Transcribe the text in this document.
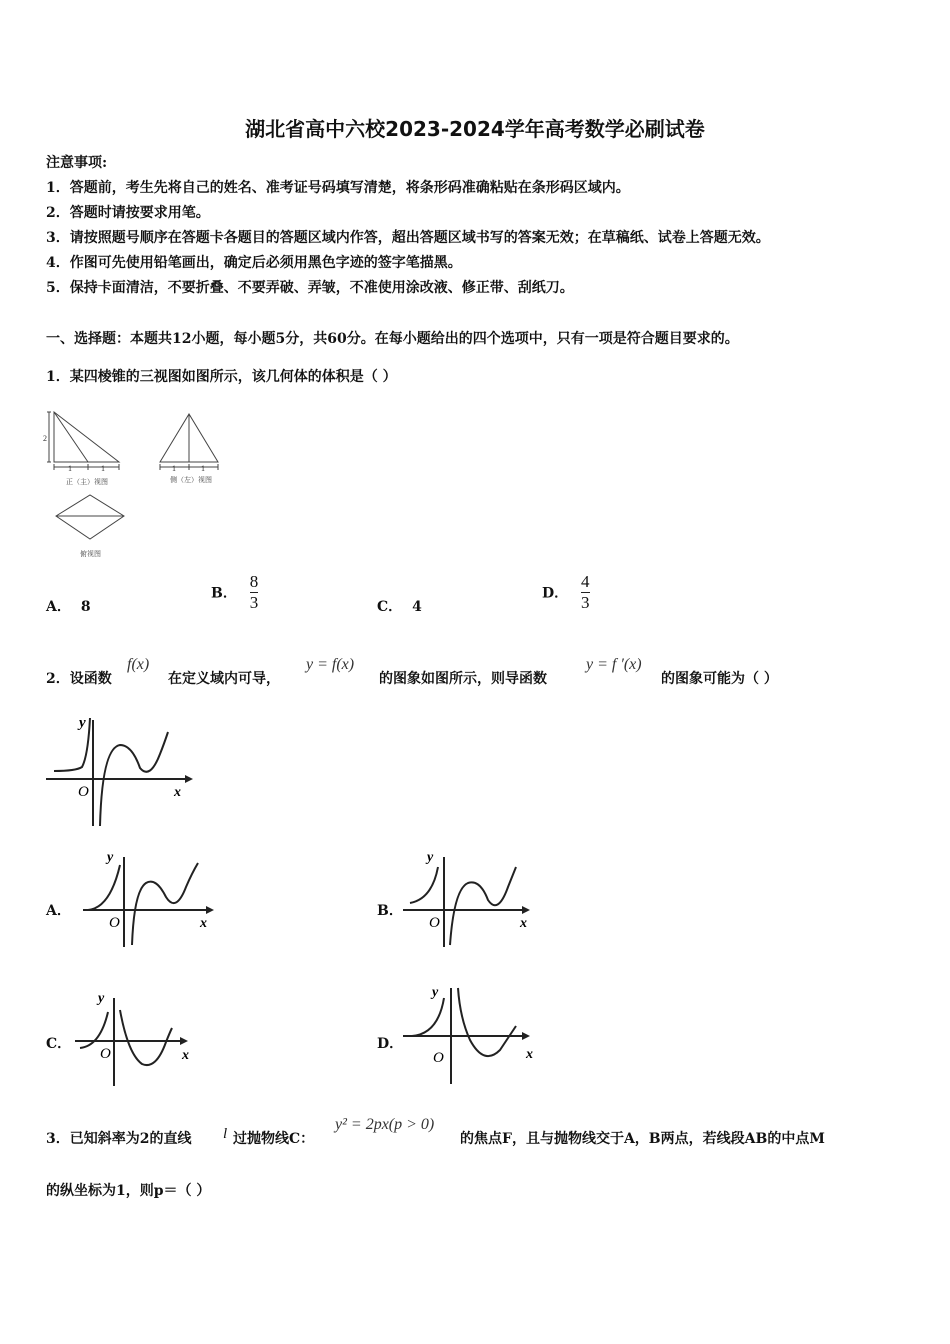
湖北省高中六校2023-2024学年高考数学必刷试卷
注意事项:
1．答题前，考生先将自己的姓名、准考证号码填写清楚，将条形码准确粘贴在条形码区域内。
2．答题时请按要求用笔。
3．请按照题号顺序在答题卡各题目的答题区域内作答，超出答题区域书写的答案无效；在草稿纸、试卷上答题无效。
4．作图可先使用铅笔画出，确定后必须用黑色字迹的签字笔描黑。
5．保持卡面清洁，不要折叠、不要弄破、弄皱，不准使用涂改液、修正带、刮纸刀。
一、选择题：本题共12小题，每小题5分，共60分。在每小题给出的四个选项中，只有一项是符合题目要求的。
1．某四棱锥的三视图如图所示，该几何体的体积是（ ）
2
1	1	1	1
正（主）视图	侧（左）视图
俯视图
A． 8
B． $\frac{8}{3}$	C． 4
D． $\frac{4}{3}$
2．设函数
f(x)
在定义域内可导，
y = f(x)
的图象如图所示，则导函数
y = f ′(x)
的图象可能为（ ）
y
O	x
A．
y
O	x
B．
y
O	x
C．
y
O	x
D．
y
O	x
3．已知斜率为2的直线 l 过抛物线C：
y² = 2px(p > 0)
的焦点F，且与抛物线交于A，B两点，若线段AB的中点M
的纵坐标为1，则p＝（ ）
